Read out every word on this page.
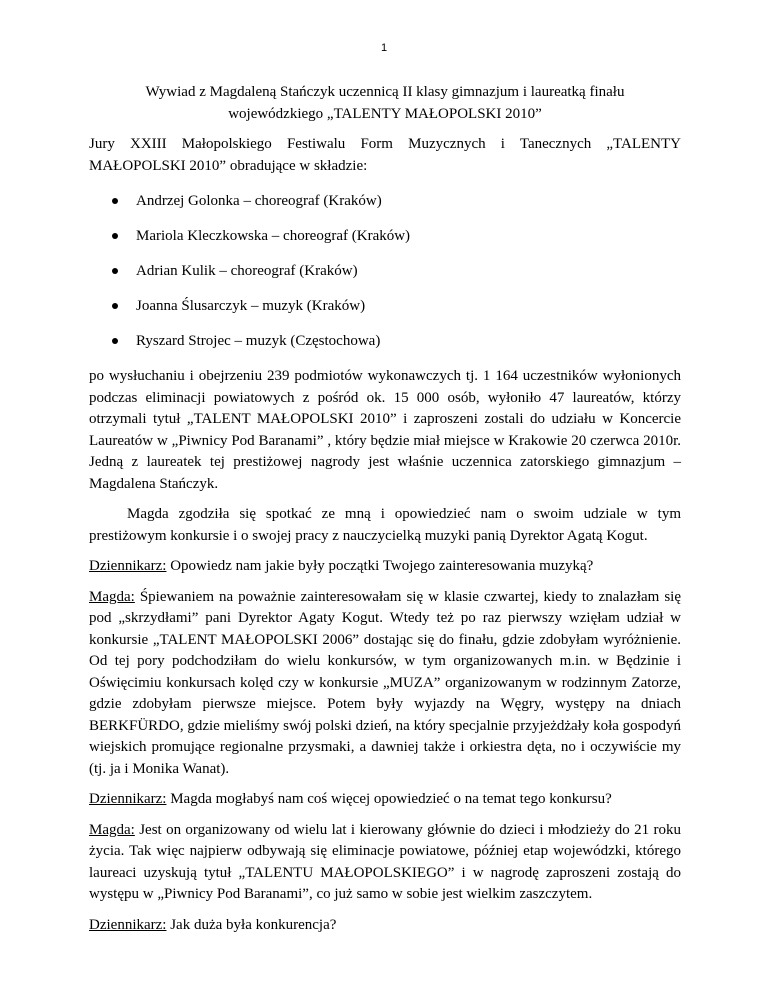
1

Wywiad z Magdaleną Stańczyk uczennicą II klasy gimnazjum i laureatką finału
wojewódzkiego „TALENTY MAŁOPOLSKI 2010”

Jury XXIII Małopolskiego Festiwalu Form Muzycznych i Tanecznych „TALENTY MAŁOPOLSKI 2010” obradujące w składzie:

Andrzej Golonka – choreograf (Kraków)
Mariola Kleczkowska – choreograf (Kraków)
Adrian Kulik – choreograf (Kraków)
Joanna Ślusarczyk – muzyk (Kraków)
Ryszard Strojec – muzyk (Częstochowa)

po wysłuchaniu i obejrzeniu 239 podmiotów wykonawczych tj. 1 164 uczestników wyłonionych podczas eliminacji powiatowych z pośród ok. 15 000 osób, wyłoniło 47 laureatów, którzy otrzymali tytuł „TALENT MAŁOPOLSKI 2010” i zaproszeni zostali do udziału w Koncercie Laureatów w „Piwnicy Pod Baranami” , który będzie miał miejsce w Krakowie 20 czerwca 2010r. Jedną z laureatek tej prestiżowej nagrody jest właśnie uczennica zatorskiego gimnazjum – Magdalena Stańczyk.

Magda zgodziła się spotkać ze mną i opowiedzieć nam o swoim udziale w tym prestiżowym konkursie i o swojej pracy z nauczycielką muzyki panią Dyrektor Agatą Kogut.

Dziennikarz: Opowiedz nam jakie były początki Twojego zainteresowania muzyką?

Magda: Śpiewaniem na poważnie zainteresowałam się w klasie czwartej, kiedy to znalazłam się pod „skrzydłami” pani Dyrektor Agaty Kogut. Wtedy też po raz pierwszy wzięłam udział w konkursie „TALENT MAŁOPOLSKI 2006” dostając się do finału, gdzie zdobyłam wyróżnienie. Od tej pory podchodziłam do wielu konkursów, w tym organizowanych m.in. w Będzinie i Oświęcimiu konkursach kolęd czy w konkursie „MUZA” organizowanym w rodzinnym Zatorze, gdzie zdobyłam pierwsze miejsce. Potem były wyjazdy na Węgry, występy na dniach BERKFÜRDO, gdzie mieliśmy swój polski dzień, na który specjalnie przyjeżdżały koła gospodyń wiejskich promujące regionalne przysmaki, a dawniej także i orkiestra dęta, no i oczywiście my (tj. ja i Monika Wanat).

Dziennikarz: Magda mogłabyś nam coś więcej opowiedzieć o na temat tego konkursu?

Magda: Jest on organizowany od wielu lat i kierowany głównie do dzieci i młodzieży do 21 roku życia. Tak więc najpierw odbywają się eliminacje powiatowe, później etap wojewódzki, którego laureaci uzyskują tytuł „TALENTU MAŁOPOLSKIEGO” i w nagrodę zaproszeni zostają do występu w „Piwnicy Pod Baranami”, co już samo w sobie jest wielkim zaszczytem.

Dziennikarz: Jak duża była konkurencja?
